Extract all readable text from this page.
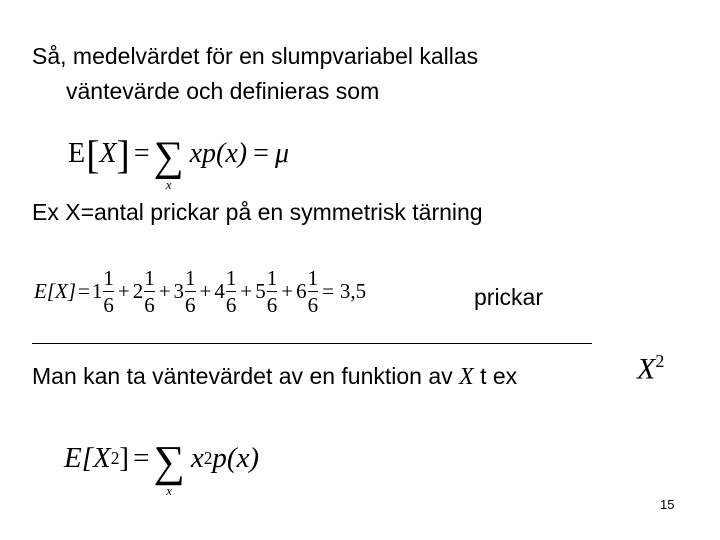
Så, medelvärdet för en slumpvariabel kallas
väntevärde och definieras som
E [ X ] = ∑
x
xp(x) = μ
Ex X=antal prickar på en symmetrisk tärning
$E[X] = 1 \frac{1}{6} + 2 \frac{1}{6} + 3 \frac{1}{6} + 4 \frac{1}{6} + 5 \frac{1}{6} + 6 \frac{1}{6} = 3,5$	prickar
Man kan ta väntevärdet av en funktion av X t ex	$X^2$
E[X 2 ] = ∑
x
x 2 p(x)
15
